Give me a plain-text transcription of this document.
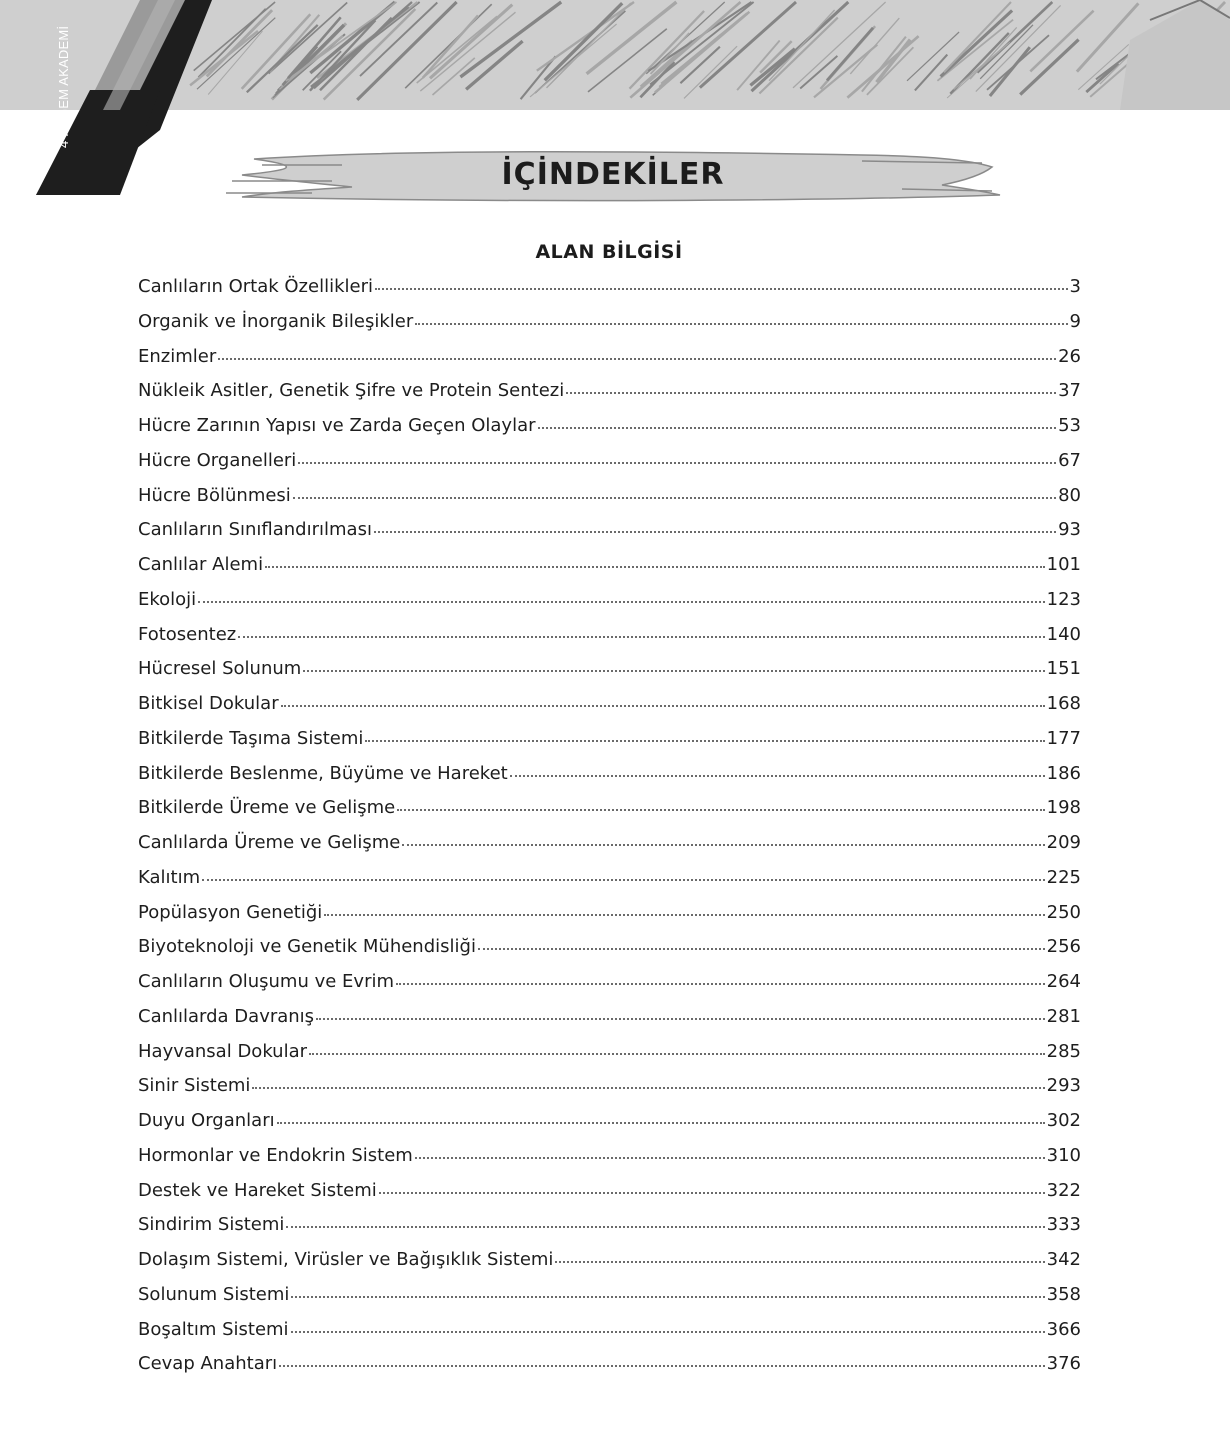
4 PEGEM AKADEMİ
İÇİNDEKİLER
ALAN BİLGİSİ
Canlıların Ortak Özellikleri	3
Organik ve İnorganik Bileşikler	9
Enzimler	26
Nükleik Asitler, Genetik Şifre ve Protein Sentezi	37
Hücre Zarının Yapısı ve Zarda Geçen Olaylar	53
Hücre Organelleri	67
Hücre Bölünmesi	80
Canlıların Sınıflandırılması	93
Canlılar Alemi	101
Ekoloji	123
Fotosentez	140
Hücresel Solunum	151
Bitkisel Dokular	168
Bitkilerde Taşıma Sistemi	177
Bitkilerde Beslenme, Büyüme ve Hareket	186
Bitkilerde Üreme ve Gelişme	198
Canlılarda Üreme ve Gelişme	209
Kalıtım	225
Popülasyon Genetiği	250
Biyoteknoloji ve Genetik Mühendisliği	256
Canlıların Oluşumu ve Evrim	264
Canlılarda Davranış	281
Hayvansal Dokular	285
Sinir Sistemi	293
Duyu Organları	302
Hormonlar ve Endokrin Sistem	310
Destek ve Hareket Sistemi	322
Sindirim Sistemi	333
Dolaşım Sistemi, Virüsler ve Bağışıklık Sistemi	342
Solunum Sistemi	358
Boşaltım Sistemi	366
Cevap Anahtarı	376
